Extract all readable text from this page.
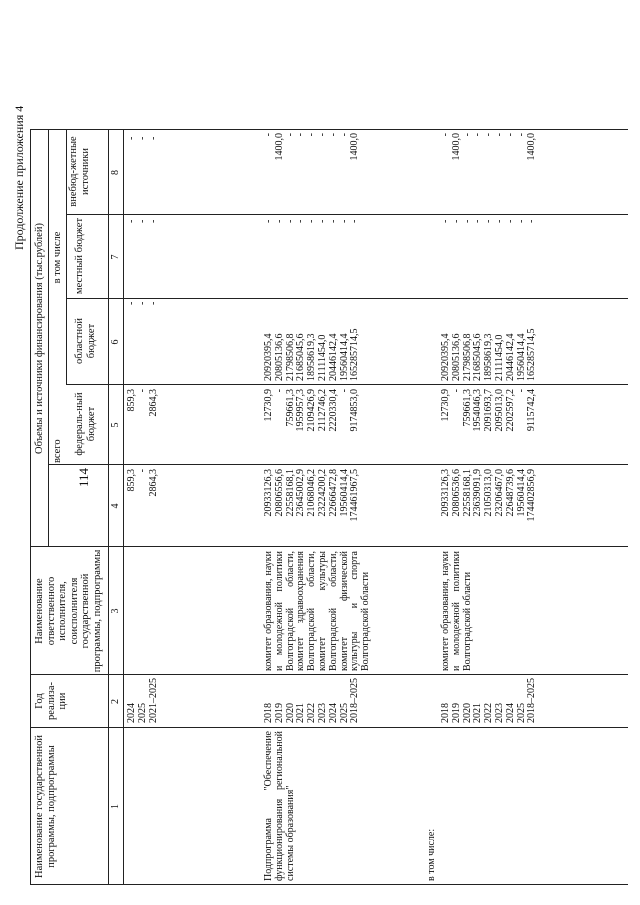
114
Продолжение приложения 4
Наименование государственной программы, подпрограммы
Год реализа-ции
Наименование ответственного исполнителя, соисполнителя государственной программы, подпрограммы
Объемы и источники финансирования (тыс.рублей) всего
в том числе
федераль-ный бюджет
областной бюджет
местный бюджет
внебюд-жетные источники
1
2
3
4
5
6
7
8
2024
2025
2021–2025
859,3
-
2864,3
859,3
-
2864,3
-
-
-
-
-
-
-
-
-
Подпрограмма "Обеспечение функционирования региональной системы образования"
2018
2019
2020
2021
2022
2023
2024
2025
2018–2025
комитет образования, науки и молодежной политики Волгоградской области, комитет здравоохранения Волгоградской области, комитет культуры Волгоградской области, комитет физической культуры и спорта Волгоградской области
20933126,3
20806556,6
22558168,1
23645002,9
21068046,2
23224200,2
22666472,8
19560414,4
174461967,5
12730,9
-
759661,3
1959957,3
2109426,9
2112746,2
2220330,4
-
9174853,0
20920395,4
20805136,6
21798506,8
21685045,6
18958619,3
21111454,0
20446142,4
19560414,4
165285714,5
-
-
-
-
-
-
-
-
-
-
1400,0
-
-
-
-
-
-
1400,0
в том числе:
2018
2019
2020
2021
2022
2023
2024
2025
2018–2025
комитет образования, науки и молодежной политики Волгоградской области
20933126,3
20806536,6
22558168,1
23639091,9
21050313,0
23206467,0
22648739,6
19560414,4
174402856,9
12730,9
-
759661,3
1954046,3
2091693,7
2095013,0
2202597,2
-
9115742,4
20920395,4
20805136,6
21798506,8
21685045,6
18958619,3
21111454,0
20446142,4
19560414,4
165285714,5
-
-
-
-
-
-
-
-
-
-
1400,0
-
-
-
-
-
-
1400,0
